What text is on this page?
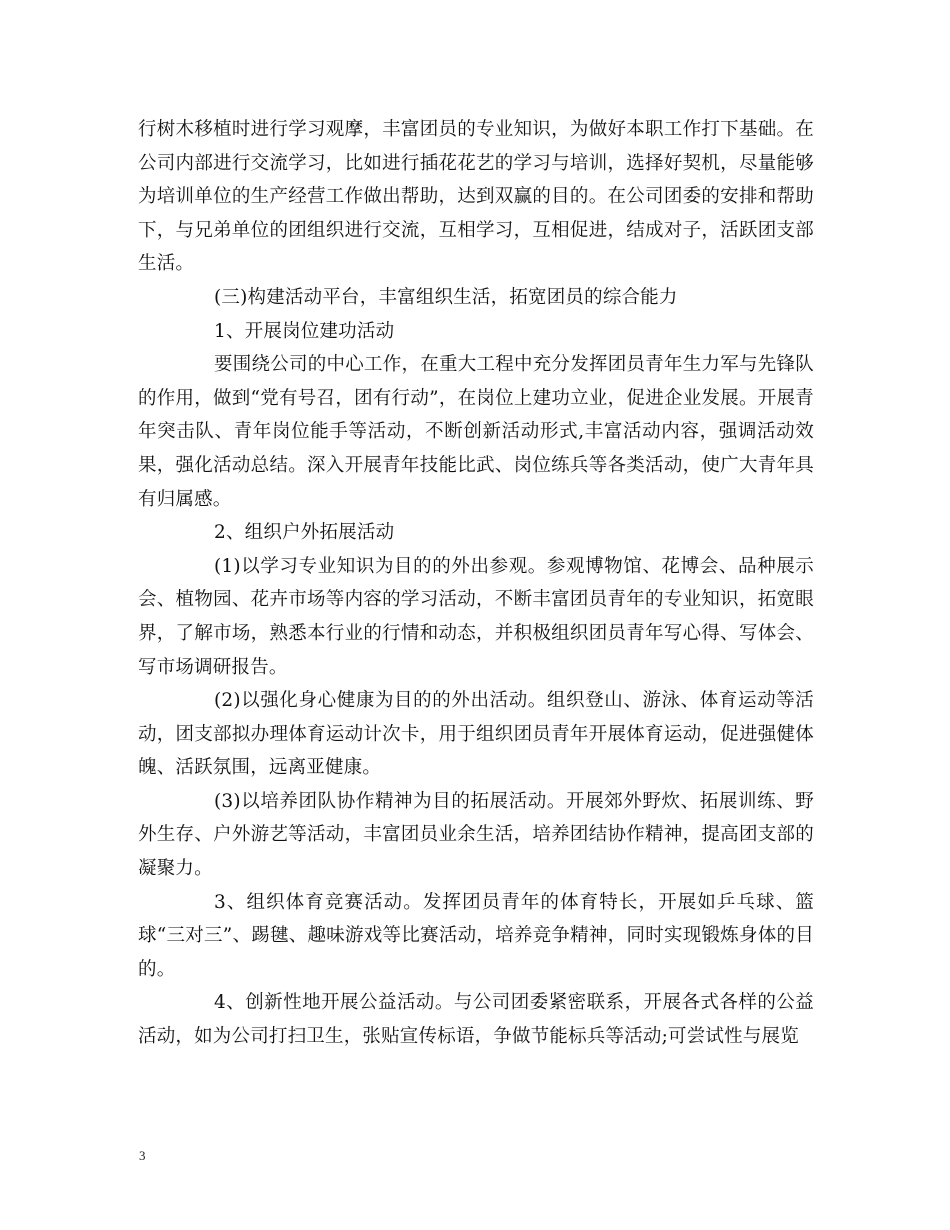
行树木移植时进行学习观摩，丰富团员的专业知识，为做好本职工作打下基础。在公司内部进行交流学习，比如进行插花花艺的学习与培训，选择好契机，尽量能够为培训单位的生产经营工作做出帮助，达到双赢的目的。在公司团委的安排和帮助下，与兄弟单位的团组织进行交流，互相学习，互相促进，结成对子，活跃团支部生活。

(三)构建活动平台，丰富组织生活，拓宽团员的综合能力

1、开展岗位建功活动

要围绕公司的中心工作，在重大工程中充分发挥团员青年生力军与先锋队的作用，做到“党有号召，团有行动”，在岗位上建功立业，促进企业发展。开展青年突击队、青年岗位能手等活动，不断创新活动形式,丰富活动内容，强调活动效果，强化活动总结。深入开展青年技能比武、岗位练兵等各类活动，使广大青年具有归属感。

2、组织户外拓展活动

(1)以学习专业知识为目的的外出参观。参观博物馆、花博会、品种展示会、植物园、花卉市场等内容的学习活动，不断丰富团员青年的专业知识，拓宽眼界，了解市场，熟悉本行业的行情和动态，并积极组织团员青年写心得、写体会、写市场调研报告。

(2)以强化身心健康为目的的外出活动。组织登山、游泳、体育运动等活动，团支部拟办理体育运动计次卡，用于组织团员青年开展体育运动，促进强健体魄、活跃氛围，远离亚健康。

(3)以培养团队协作精神为目的拓展活动。开展郊外野炊、拓展训练、野外生存、户外游艺等活动，丰富团员业余生活，培养团结协作精神，提高团支部的凝聚力。

3、组织体育竞赛活动。发挥团员青年的体育特长，开展如乒乓球、篮球“三对三”、踢毽、趣味游戏等比赛活动，培养竞争精神，同时实现锻炼身体的目的。

4、创新性地开展公益活动。与公司团委紧密联系，开展各式各样的公益活动，如为公司打扫卫生，张贴宣传标语，争做节能标兵等活动;可尝试性与展览

3
